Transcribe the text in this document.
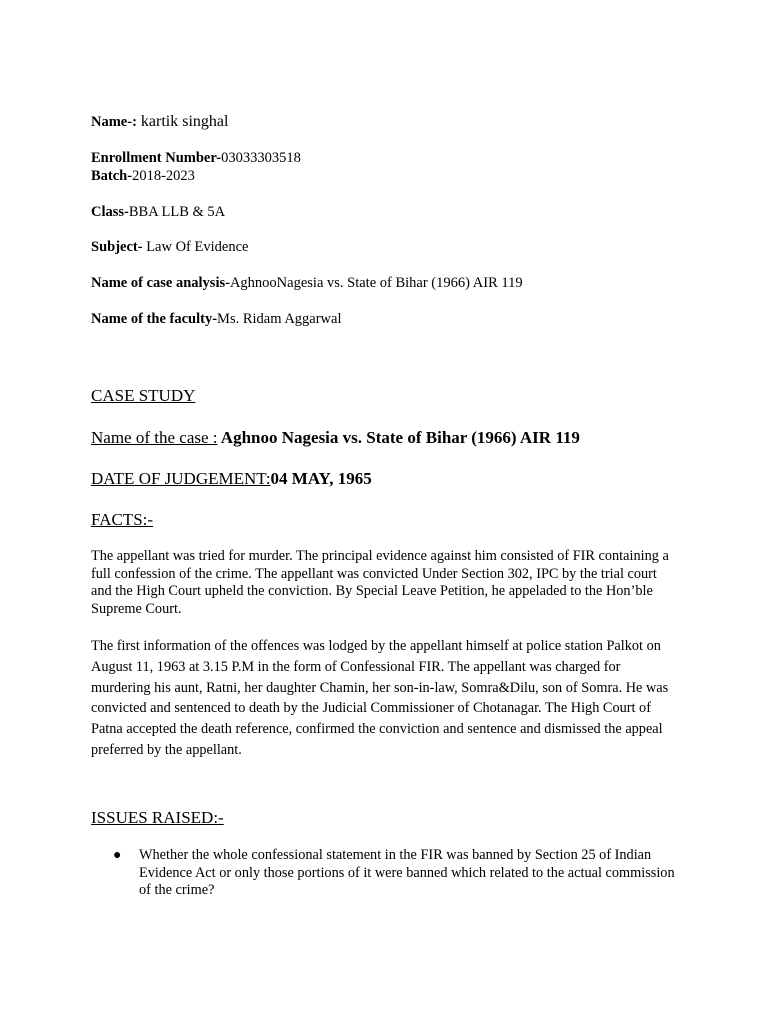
Name-: kartik singhal
Enrollment Number-03033303518
Batch-2018-2023
Class-BBA LLB & 5A
Subject- Law Of Evidence
Name of case analysis-AghnooNagesia vs. State of Bihar (1966) AIR 119
Name of the faculty-Ms. Ridam Aggarwal
CASE STUDY
Name of the case : Aghnoo Nagesia vs. State of Bihar (1966) AIR 119
DATE OF JUDGEMENT:04 MAY, 1965
FACTS:-
The appellant was tried for murder. The principal evidence against him consisted of FIR containing a full confession of the crime. The appellant was convicted Under Section 302, IPC by the trial court and the High Court upheld the conviction. By Special Leave Petition, he appeladed to the Hon’ble Supreme Court.
The first information of the offences was lodged by the appellant himself at police station Palkot on August 11, 1963 at 3.15 P.M in the form of Confessional FIR. The appellant was charged for murdering his aunt, Ratni, her daughter Chamin, her son-in-law, Somra&Dilu, son of Somra. He was convicted and sentenced to death by the Judicial Commissioner of Chotanagar. The High Court of Patna accepted the death reference, confirmed the conviction and sentence and dismissed the appeal preferred by the appellant.
ISSUES RAISED:-
● Whether the whole confessional statement in the FIR was banned by Section 25 of Indian Evidence Act or only those portions of it were banned which related to the actual commission of the crime?
